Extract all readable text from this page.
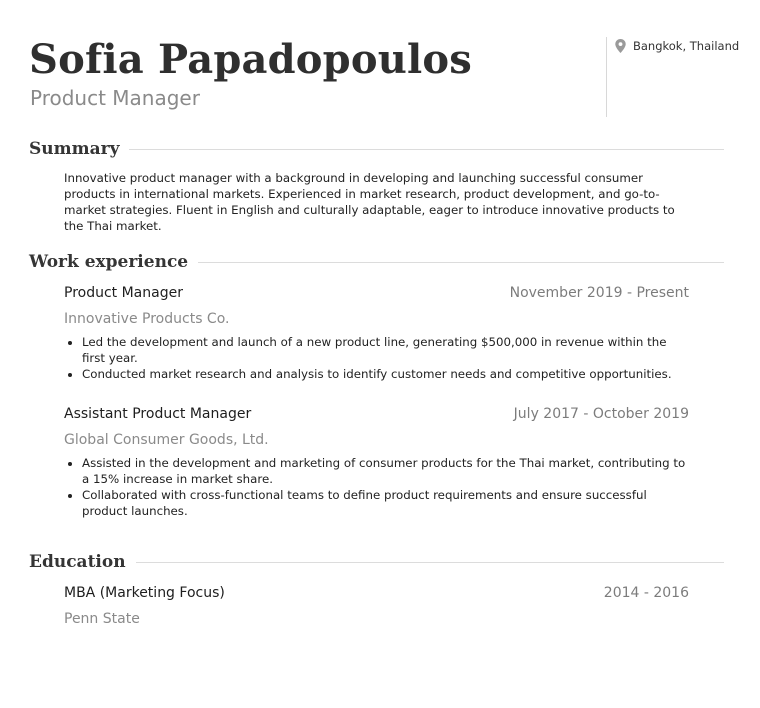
Sofia Papadopoulos
Product Manager
Bangkok, Thailand
Summary

Innovative product manager with a background in developing and launching successful consumer products in international markets. Experienced in market research, product development, and go-to-market strategies. Fluent in English and culturally adaptable, eager to introduce innovative products to the Thai market.

Work experience
Product Manager	November 2019 - Present
Innovative Products Co.
• Led the development and launch of a new product line, generating $500,000 in revenue within the first year.
• Conducted market research and analysis to identify customer needs and competitive opportunities.
Assistant Product Manager	July 2017 - October 2019
Global Consumer Goods, Ltd.
• Assisted in the development and marketing of consumer products for the Thai market, contributing to a 15% increase in market share.
• Collaborated with cross-functional teams to define product requirements and ensure successful product launches.
Education
MBA (Marketing Focus)	2014 - 2016
Penn State
